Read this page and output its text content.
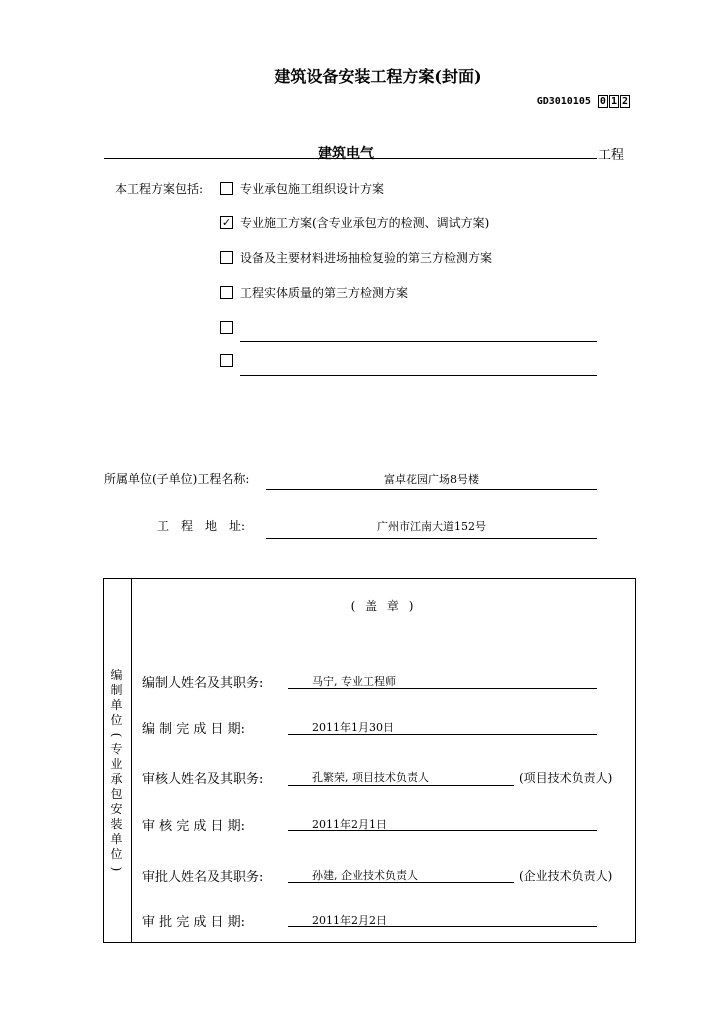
建筑设备安装工程方案(封面)
GD3010105 0 1 2
建筑电气	工程
本工程方案包括:	专业承包施工组织设计方案
✓ 专业施工方案(含专业承包方的检测、调试方案)
设备及主要材料进场抽检复验的第三方检测方案
工程实体质量的第三方检测方案
所属单位(子单位)工程名称:	富卓花园广场8号楼
工　程　地　址:	广州市江南大道152号
编
制
单
位
(
专
业
承
包
安
装
单
位
)
( 盖 章 )
编制人姓名及其职务:	马宁, 专业工程师
编 制 完 成 日 期:	2011年1月30日
审核人姓名及其职务:	孔繁荣, 项目技术负责人	(项目技术负责人)
审 核 完 成 日 期:	2011年2月1日
审批人姓名及其职务:	孙建, 企业技术负责人	(企业技术负责人)
审 批 完 成 日 期:	2011年2月2日
